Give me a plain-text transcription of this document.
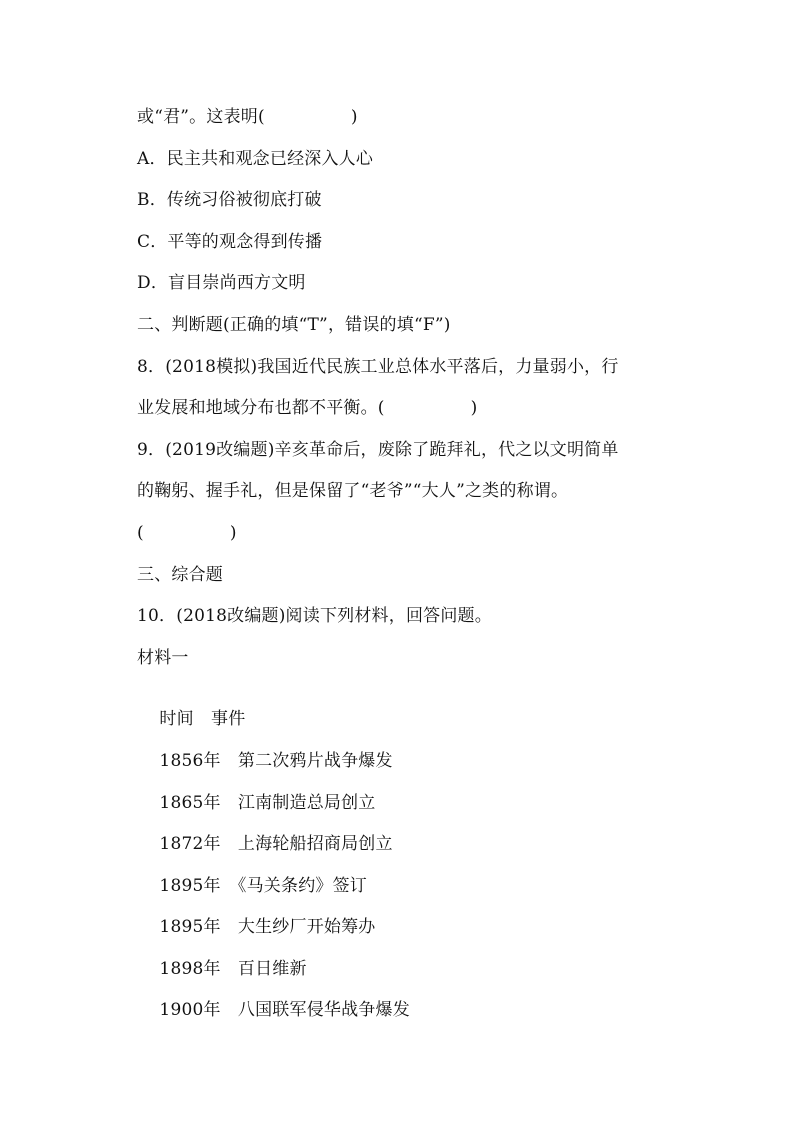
或“君”。这表明(　　　　　)
A．民主共和观念已经深入人心
B．传统习俗被彻底打破
C．平等的观念得到传播
D．盲目崇尚西方文明
二、判断题(正确的填“T”，错误的填“F”)
8．(2018模拟)我国近代民族工业总体水平落后，力量弱小，行
业发展和地域分布也都不平衡。(　　　　　)
9．(2019改编题)辛亥革命后，废除了跪拜礼，代之以文明简单
的鞠躬、握手礼，但是保留了“老爷”“大人”之类的称谓。
(　　　　　)
三、综合题
10．(2018改编题)阅读下列材料，回答问题。
材料一

时间　 事件

1856年　 第二次鸦片战争爆发

1865年　 江南制造总局创立

1872年　 上海轮船招商局创立

1895年　 《马关条约》签订

1895年　 大生纱厂开始筹办

1898年　 百日维新

1900年　 八国联军侵华战争爆发
